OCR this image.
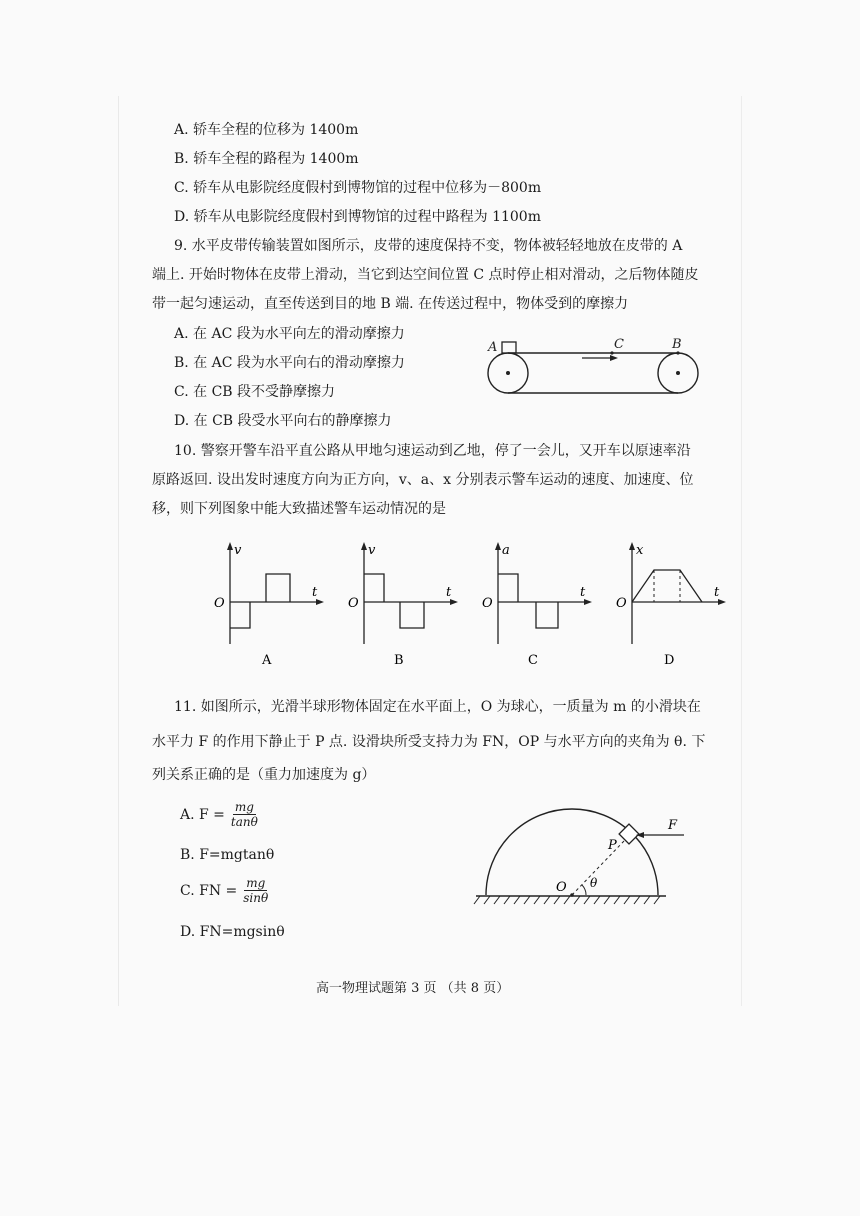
A. 轿车全程的位移为 1400m
B. 轿车全程的路程为 1400m
C. 轿车从电影院经度假村到博物馆的过程中位移为－800m
D. 轿车从电影院经度假村到博物馆的过程中路程为 1100m
9. 水平皮带传输装置如图所示，皮带的速度保持不变，物体被轻轻地放在皮带的 A
端上. 开始时物体在皮带上滑动，当它到达空间位置 C 点时停止相对滑动，之后物体随皮
带一起匀速运动，直至传送到目的地 B 端. 在传送过程中，物体受到的摩擦力
A. 在 AC 段为水平向左的滑动摩擦力
B. 在 AC 段为水平向右的滑动摩擦力
C. 在 CB 段不受静摩擦力
D. 在 CB 段受水平向右的静摩擦力
A	C	B
10. 警察开警车沿平直公路从甲地匀速运动到乙地，停了一会儿，又开车以原速率沿
原路返回. 设出发时速度方向为正方向，v、a、x 分别表示警车运动的速度、加速度、位
移，则下列图象中能大致描述警车运动情况的是
v
t
O
A
v
t
O
B
a
t
O
C
x
t
O
D
11. 如图所示，光滑半球形物体固定在水平面上，O 为球心，一质量为 m 的小滑块在
水平力 F 的作用下静止于 P 点. 设滑块所受支持力为 FN，OP 与水平方向的夹角为 θ. 下
列关系正确的是（重力加速度为 g）
A. $F = \frac{mg}{\tan\theta}$
B. F=mgtanθ
C. FN = $\frac{mg}{\sin\theta}$
D. FN=mgsinθ
F
P
O θ
高一物理试题第 3 页 （共 8 页）
